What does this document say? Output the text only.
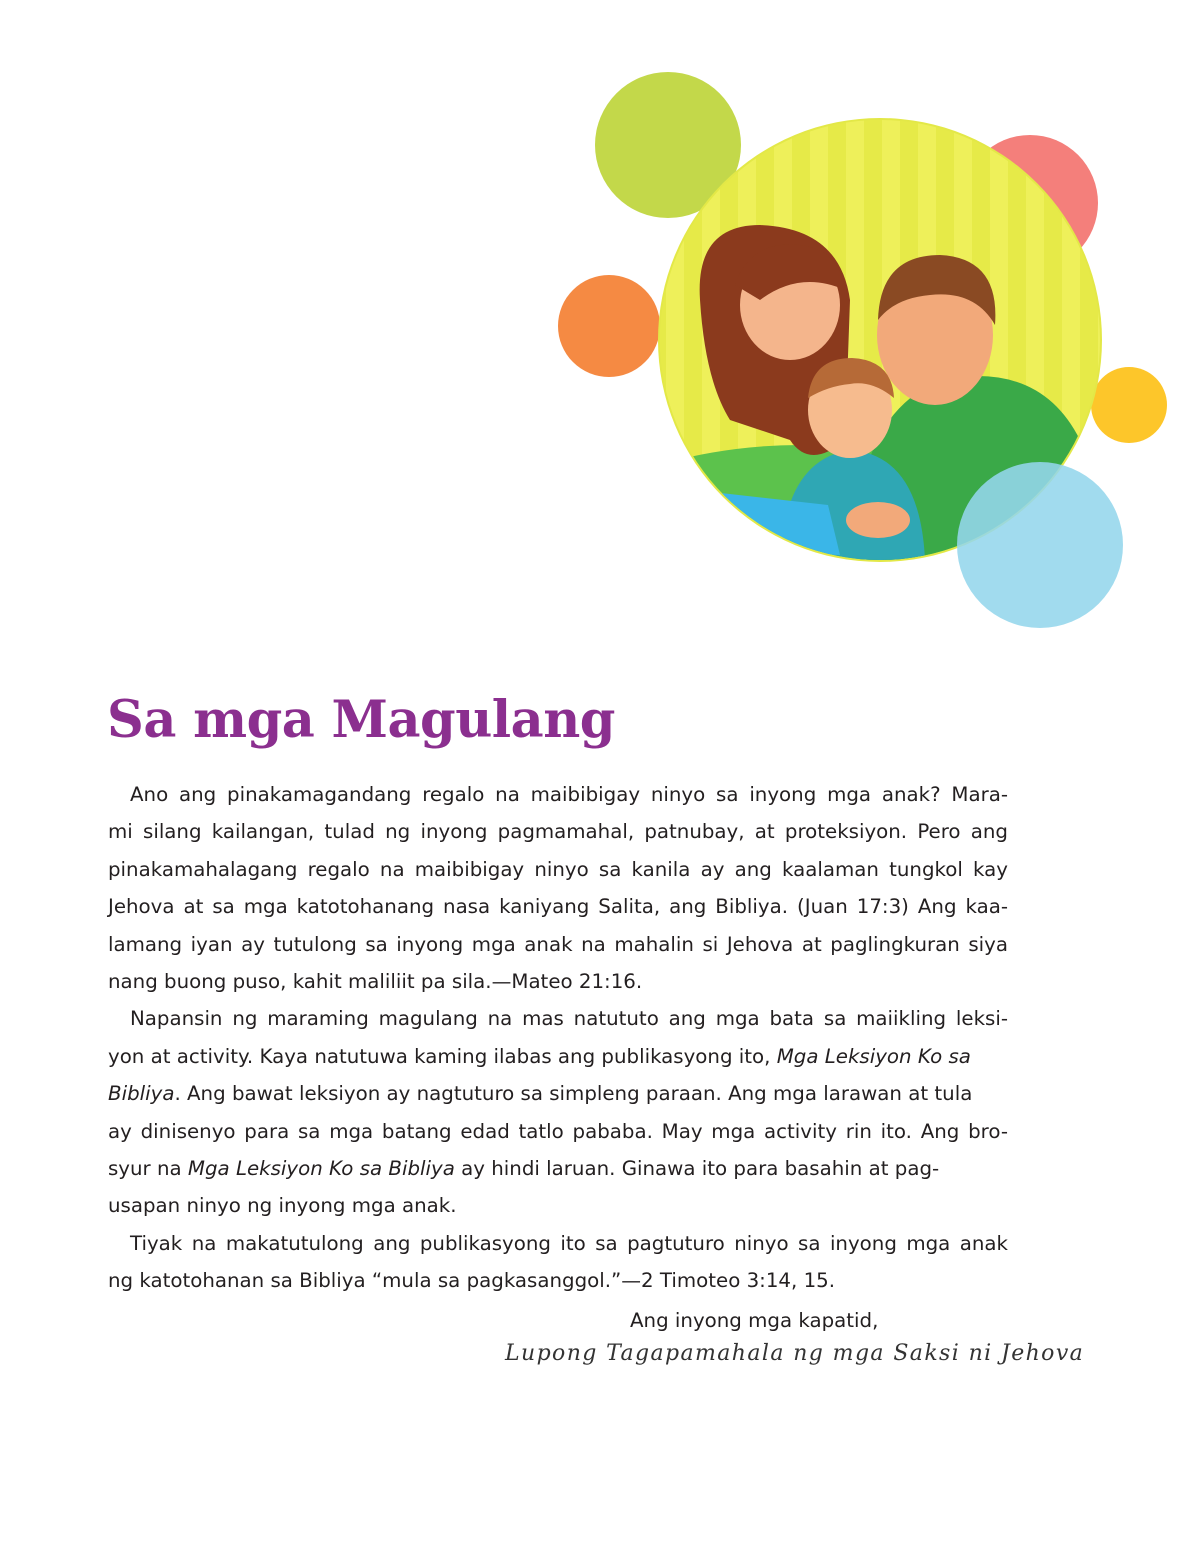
Sa mga Magulang

Ano ang pinakamagandang regalo na maibibigay ninyo sa inyong mga anak? Mara-
mi silang kailangan, tulad ng inyong pagmamahal, patnubay, at proteksiyon. Pero ang
pinakamahalagang regalo na maibibigay ninyo sa kanila ay ang kaalaman tungkol kay
Jehova at sa mga katotohanang nasa kaniyang Salita, ang Bibliya. (Juan 17:3) Ang kaa-
lamang iyan ay tutulong sa inyong mga anak na mahalin si Jehova at paglingkuran siya
nang buong puso, kahit maliliit pa sila.—Mateo 21:16.

Napansin ng maraming magulang na mas natututo ang mga bata sa maiikling leksi-
yon at activity. Kaya natutuwa kaming ilabas ang publikasyong ito, Mga Leksiyon Ko sa
Bibliya. Ang bawat leksiyon ay nagtuturo sa simpleng paraan. Ang mga larawan at tula
ay dinisenyo para sa mga batang edad tatlo pababa. May mga activity rin ito. Ang bro-
syur na Mga Leksiyon Ko sa Bibliya ay hindi laruan. Ginawa ito para basahin at pag-
usapan ninyo ng inyong mga anak.

Tiyak na makatutulong ang publikasyong ito sa pagtuturo ninyo sa inyong mga anak
ng katotohanan sa Bibliya “mula sa pagkasanggol.”—2 Timoteo 3:14, 15.

Ang inyong mga kapatid,

Lupong Tagapamahala ng mga Saksi ni Jehova
